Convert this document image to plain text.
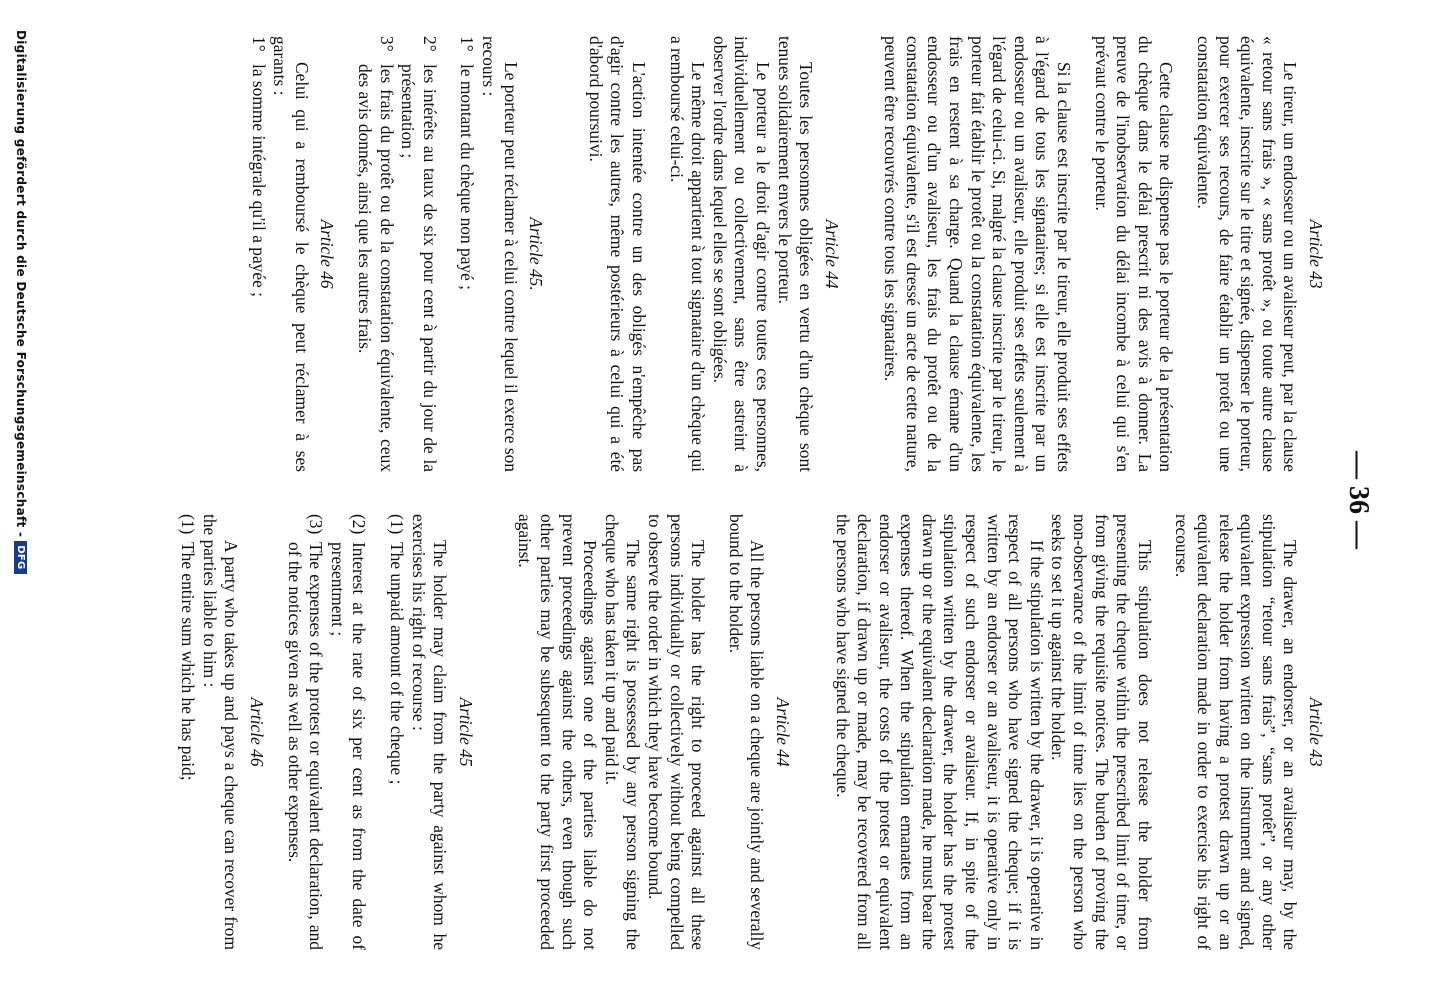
— 36 —
Article 43

Le tireur, un endosseur ou un avaliseur peut, par la clause « retour sans frais », « sans protêt », ou toute autre clause équivalente, inscrite sur le titre et signée, dispenser le porteur, pour exercer ses recours, de faire établir un protêt ou une constatation équivalente.

Cette clause ne dispense pas le porteur de la présentation du chèque dans le délai prescrit ni des avis à donner. La preuve de l'inobservation du délai incombe à celui qui s'en prévaut contre le porteur.

Si la clause est inscrite par le tireur, elle produit ses effets à l'égard de tous les signataires; si elle est inscrite par un endosseur ou un avaliseur, elle produit ses effets seulement à l'égard de celui-ci. Si, malgré la clause inscrite par le tireur, le porteur fait établir le protêt ou la constatation équivalente, les frais en restent à sa charge. Quand la clause émane d'un endosseur ou d'un avaliseur, les frais du protêt ou de la constatation équivalente, s'il est dressé un acte de cette nature, peuvent être recouvrés contre tous les signataires.

Article 44

Toutes les personnes obligées en vertu d'un chèque sont tenues solidairement envers le porteur.

Le porteur a le droit d'agir contre toutes ces personnes, individuellement ou collectivement, sans être astreint à observer l'ordre dans lequel elles se sont obligées.

Le même droit appartient à tout signataire d'un chèque qui a remboursé celui-ci.

L'action intentée contre un des obligés n'empêche pas d'agir contre les autres, même postérieurs à celui qui a été d'abord poursuivi.

Article 45.

Le porteur peut réclamer à celui contre lequel il exerce son recours :

1°le montant du chèque non payé ;

2°les intérêts au taux de six pour cent à partir du jour de la présentation ;

3°les frais du protêt ou de la constatation équivalente, ceux des avis donnés, ainsi que les autres frais.

Article 46

Celui qui a remboursé le chèque peut réclamer à ses garants :

1°la somme intégrale qu'il a payée ;

Article 43

The drawer, an endorser, or an avaliseur may, by the stipulation “retour sans frais”, “sans protêt”, or any other equivalent expression written on the instrument and signed, release the holder from having a protest drawn up or an equivalent declaration made in order to exercise his right of recourse.

This stipulation does not release the holder from presenting the cheque within the prescribed limit of time, or from giving the requisite notices. The burden of proving the non-observance of the limit of time lies on the person who seeks to set it up against the holder.

If the stipulation is written by the drawer, it is operative in respect of all persons who have signed the cheque; if it is written by an endorser or an avaliseur, it is operative only in respect of such endorser or avaliseur. If, in spite of the stipulation written by the drawer, the holder has the protest drawn up or the equivalent declaration made, he must bear the expenses thereof. When the stipulation emanates from an endorser or avaliseur, the costs of the protest or equivalent declaration, if drawn up or made, may be recovered from all the persons who have signed the cheque.

Article 44

All the persons liable on a cheque are jointly and severally bound to the holder.

The holder has the right to proceed against all these persons individually or collectively without being compelled to observe the order in which they have become bound.

The same right is possessed by any person signing the cheque who has taken it up and paid it.

Proceedings against one of the parties liable do not prevent proceedings against the others, even though such other parties may be subsequent to the party first proceeded against.

Article 45

The holder may claim from the party against whom he exercises his right of recourse :

(1)The unpaid amount of the cheque ;

(2)Interest at the rate of six per cent as from the date of presentment ;

(3)The expenses of the protest or equivalent declaration, and of the notices given as well as other expenses.

Article 46

A party who takes up and pays a cheque can recover from the parties liable to him :

(1)The entire sum which he has paid;

Digitalisierung gefördert durch die Deutsche Forschungsgemeinschaft -DFG
